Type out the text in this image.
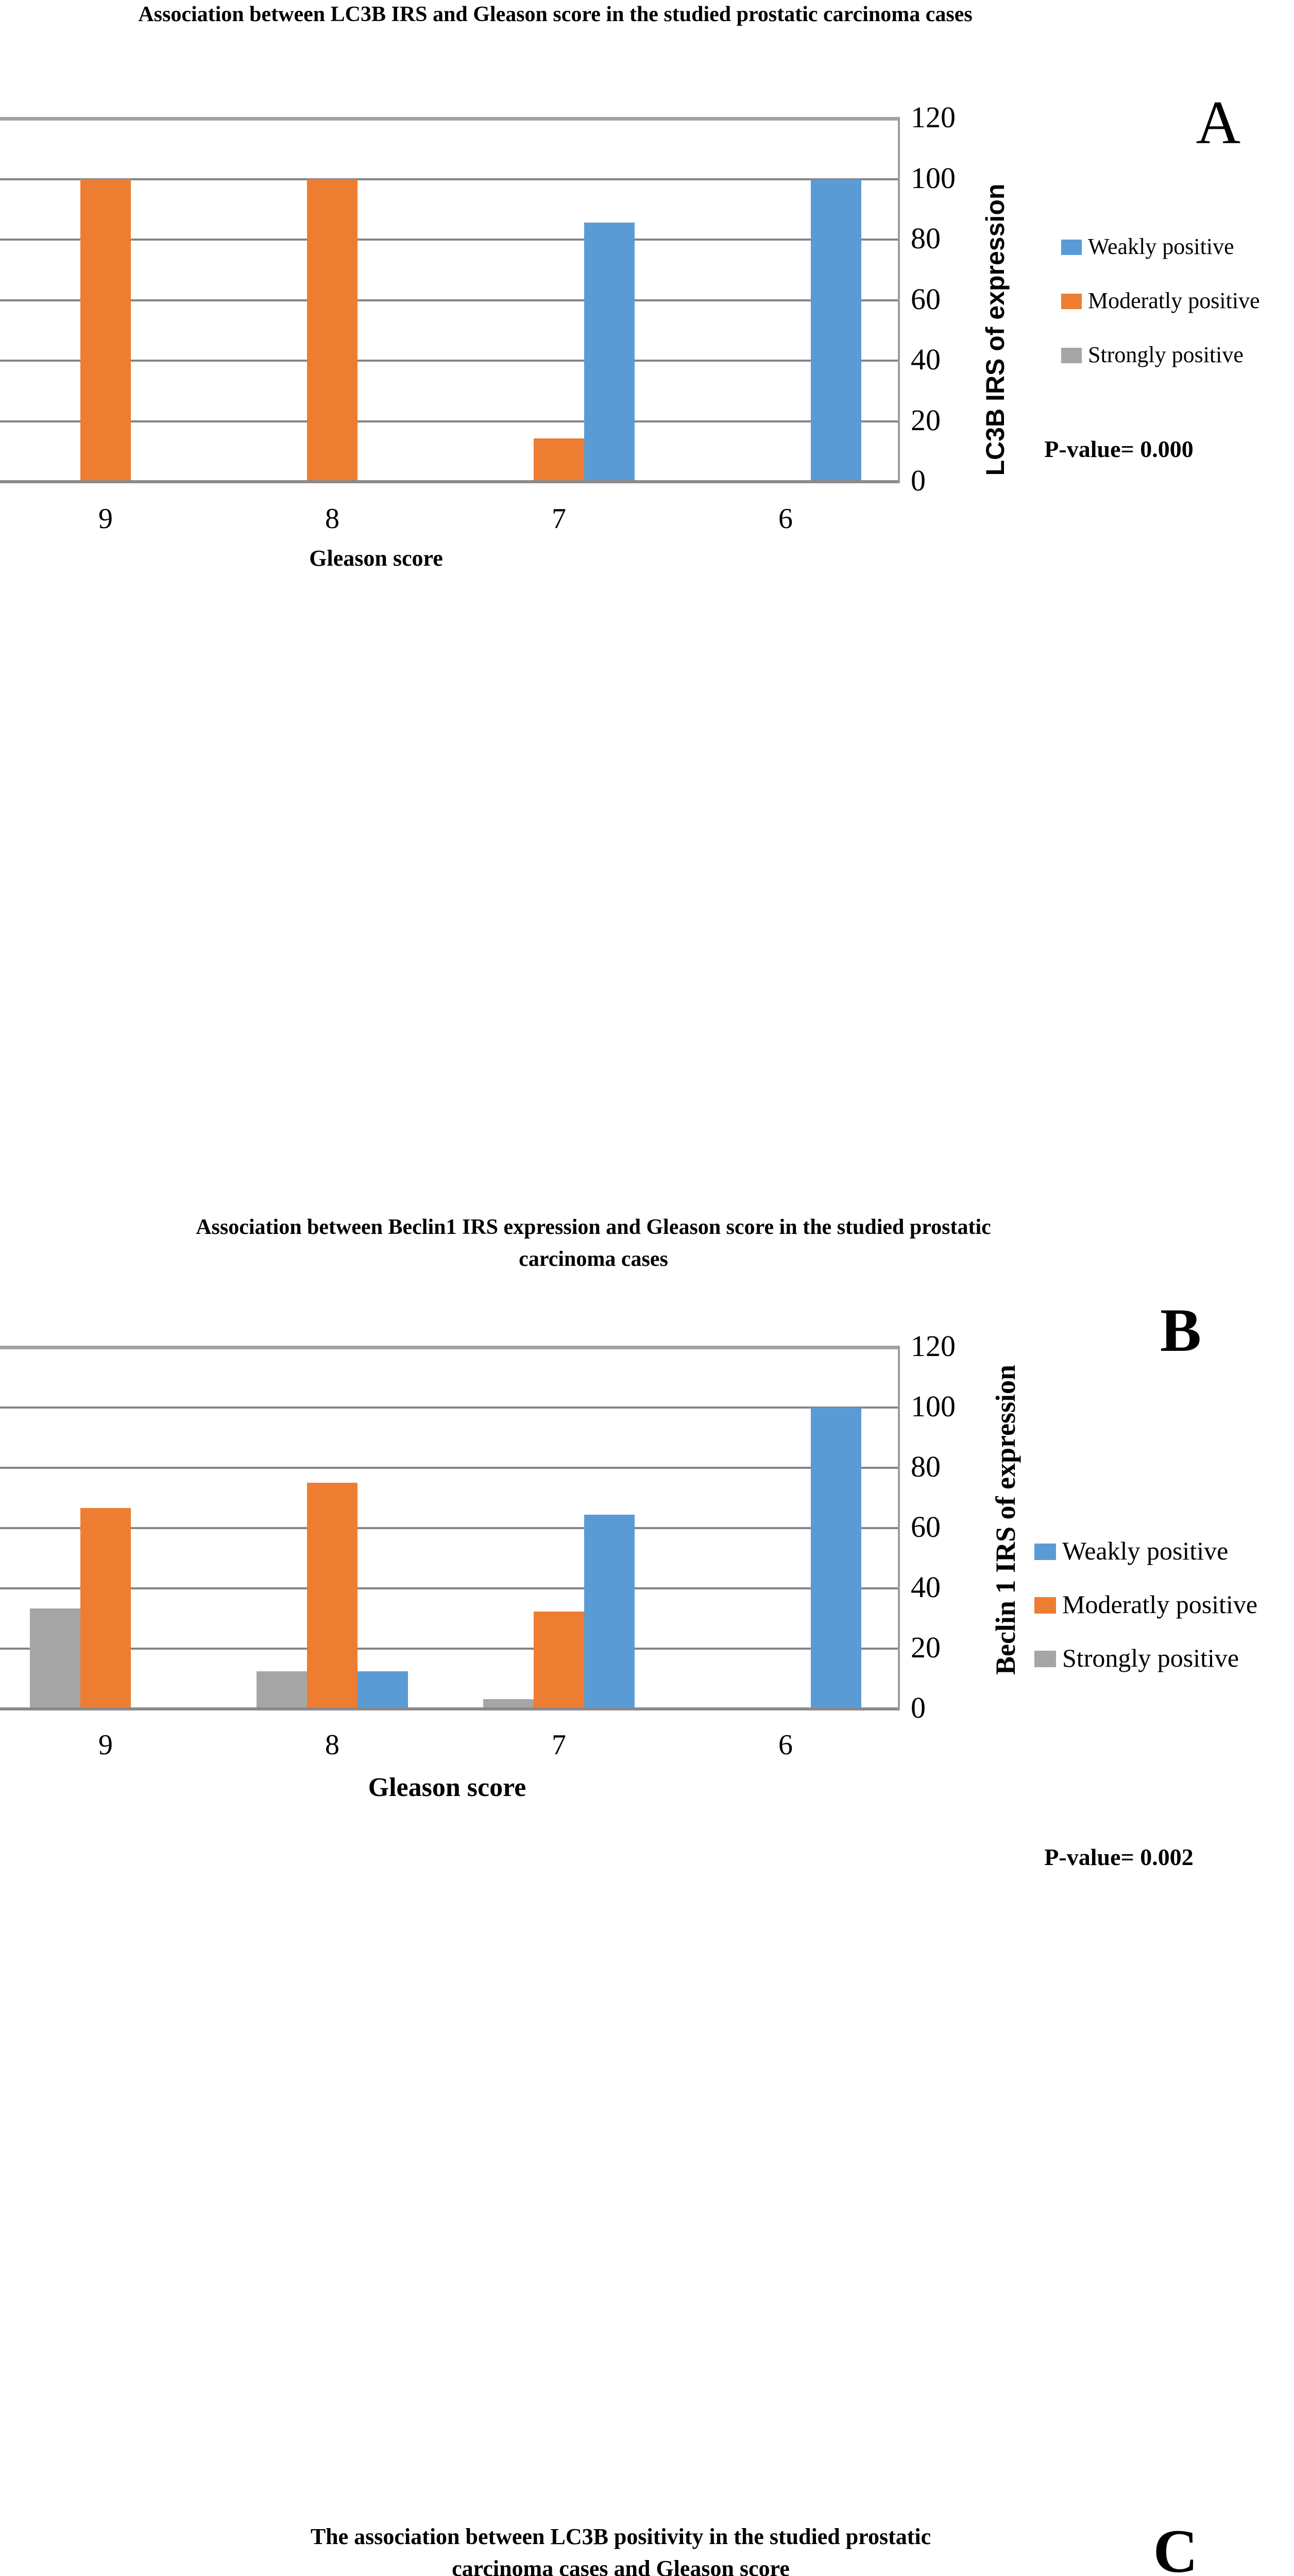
Association between LC3B IRS and Gleason score in the studied prostatic carcinoma cases
120
100
80
60
40
20
0
9	8	7	6
Gleason score
LC3B IRS of expression	Weakly positive
Moderatly positive
Strongly positive
P-value= 0.000
A
Association between Beclin1 IRS expression and Gleason score in the studied prostatic
carcinoma cases
120
100
80
60
40
20
0
9	8	7	6
Gleason score
Beclin 1 IRS of expression Weakly positive
Moderatly positive
Strongly positive
P-value= 0.002
B
The association between LC3B positivity in the studied prostatic
carcinoma cases and Gleason score	C
